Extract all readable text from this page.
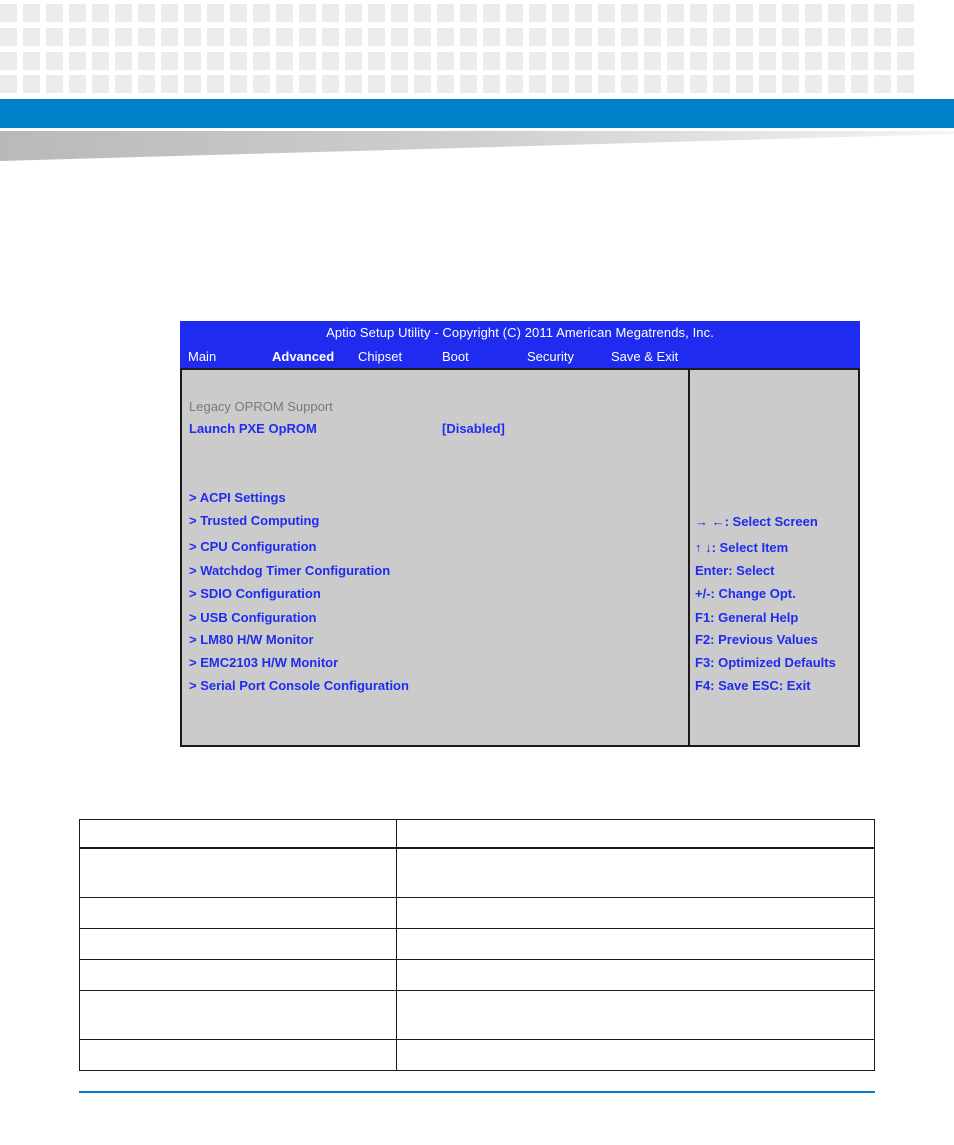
Aptio Setup Utility - Copyright (C) 2011 American Megatrends, Inc.
Main	Advanced Chipset	Boot	Security	Save & Exit
Legacy OPROM Support
Launch PXE OpROM	[Disabled]
> ACPI Settings
> Trusted Computing
> CPU Configuration
> Watchdog Timer Configuration
> SDIO Configuration
> USB Configuration
> LM80 H/W Monitor
> EMC2103 H/W Monitor
> Serial Port Console Configuration
→ ←: Select Screen
↑ ↓: Select Item
Enter: Select
+/-: Change Opt.
F1: General Help
F2: Previous Values
F3: Optimized Defaults
F4: Save ESC: Exit
